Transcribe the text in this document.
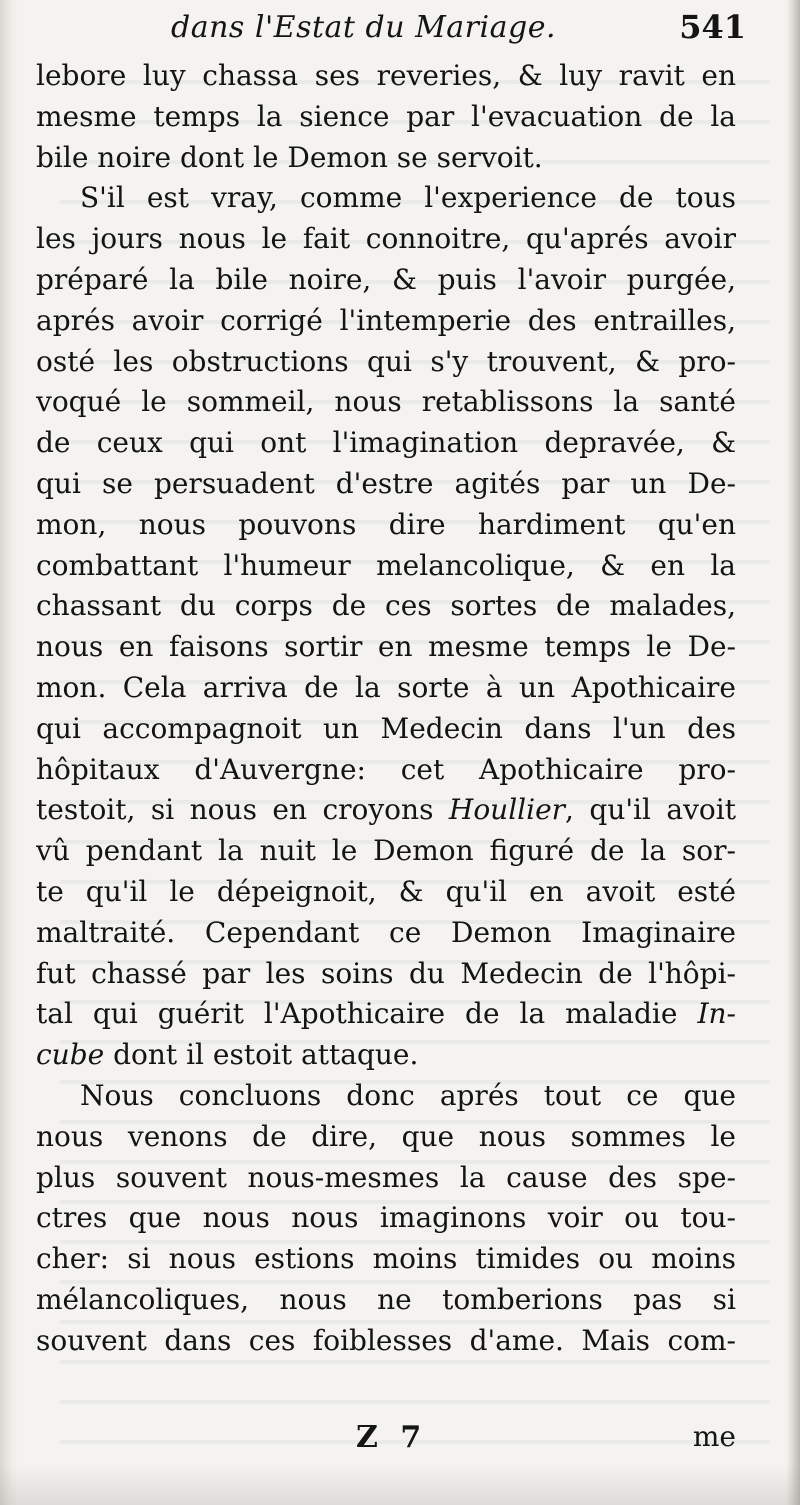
dans l'Estat du Mariage.	541
lebore luy chassa ses reveries, & luy ravit en
mesme temps la sience par l'evacuation de la
bile noire dont le Demon se servoit.
S'il est vray, comme l'experience de tous
les jours nous le fait connoitre, qu'aprés avoir
préparé la bile noire, & puis l'avoir purgée,
aprés avoir corrigé l'intemperie des entrailles,
osté les obstructions qui s'y trouvent, & pro-
voqué le sommeil, nous retablissons la santé
de ceux qui ont l'imagination depravée, &
qui se persuadent d'estre agités par un De-
mon, nous pouvons dire hardiment qu'en
combattant l'humeur melancolique, & en la
chassant du corps de ces sortes de malades,
nous en faisons sortir en mesme temps le De-
mon. Cela arriva de la sorte à un Apothicaire
qui accompagnoit un Medecin dans l'un des
hôpitaux d'Auvergne: cet Apothicaire pro-
testoit, si nous en croyons Houllier, qu'il avoit
vû pendant la nuit le Demon figuré de la sor-
te qu'il le dépeignoit, & qu'il en avoit esté
maltraité. Cependant ce Demon Imaginaire
fut chassé par les soins du Medecin de l'hôpi-
tal qui guérit l'Apothicaire de la maladie In-
cube dont il estoit attaque.
Nous concluons donc aprés tout ce que
nous venons de dire, que nous sommes le
plus souvent nous-mesmes la cause des spe-
ctres que nous nous imaginons voir ou tou-
cher: si nous estions moins timides ou moins
mélancoliques, nous ne tomberions pas si
souvent dans ces foiblesses d'ame. Mais com-
Z 7	me
